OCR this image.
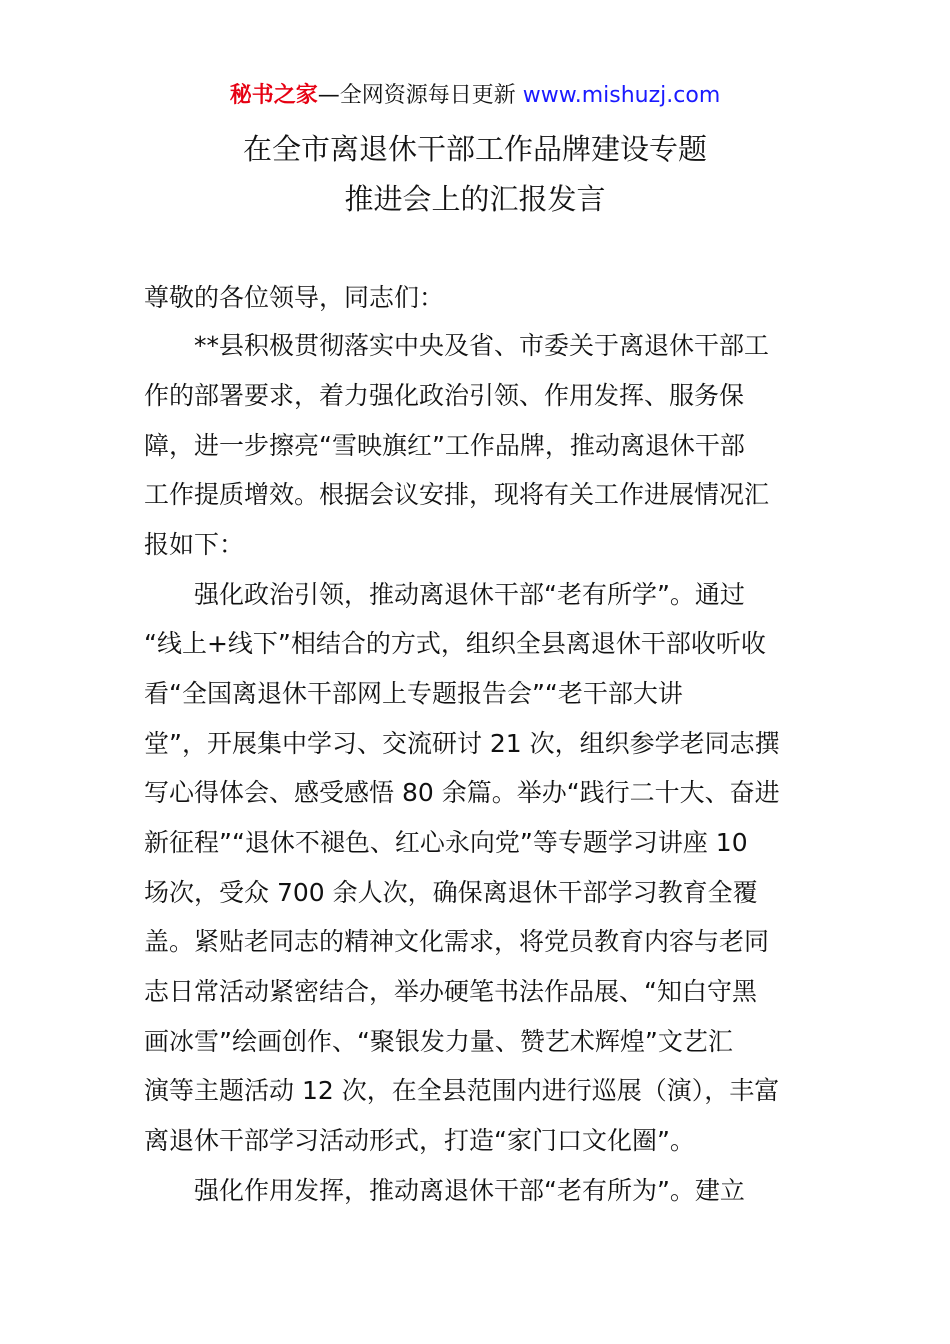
秘书之家—全网资源每日更新 www.mishuzj.com
在全市离退休干部工作品牌建设专题
推进会上的汇报发言
尊敬的各位领导，同志们：
　　**县积极贯彻落实中央及省、市委关于离退休干部工
作的部署要求，着力强化政治引领、作用发挥、服务保
障，进一步擦亮“雪映旗红”工作品牌，推动离退休干部
工作提质增效。根据会议安排，现将有关工作进展情况汇
报如下：
　　强化政治引领，推动离退休干部“老有所学”。通过
“线上+线下”相结合的方式，组织全县离退休干部收听收
看“全国离退休干部网上专题报告会”“老干部大讲
堂”，开展集中学习、交流研讨 21 次，组织参学老同志撰
写心得体会、感受感悟 80 余篇。举办“践行二十大、奋进
新征程”“退休不褪色、红心永向党”等专题学习讲座 10
场次，受众 700 余人次，确保离退休干部学习教育全覆
盖。紧贴老同志的精神文化需求，将党员教育内容与老同
志日常活动紧密结合，举办硬笔书法作品展、“知白守黑
画冰雪”绘画创作、“聚银发力量、赞艺术辉煌”文艺汇
演等主题活动 12 次，在全县范围内进行巡展（演），丰富
离退休干部学习活动形式，打造“家门口文化圈”。
　　强化作用发挥，推动离退休干部“老有所为”。建立
